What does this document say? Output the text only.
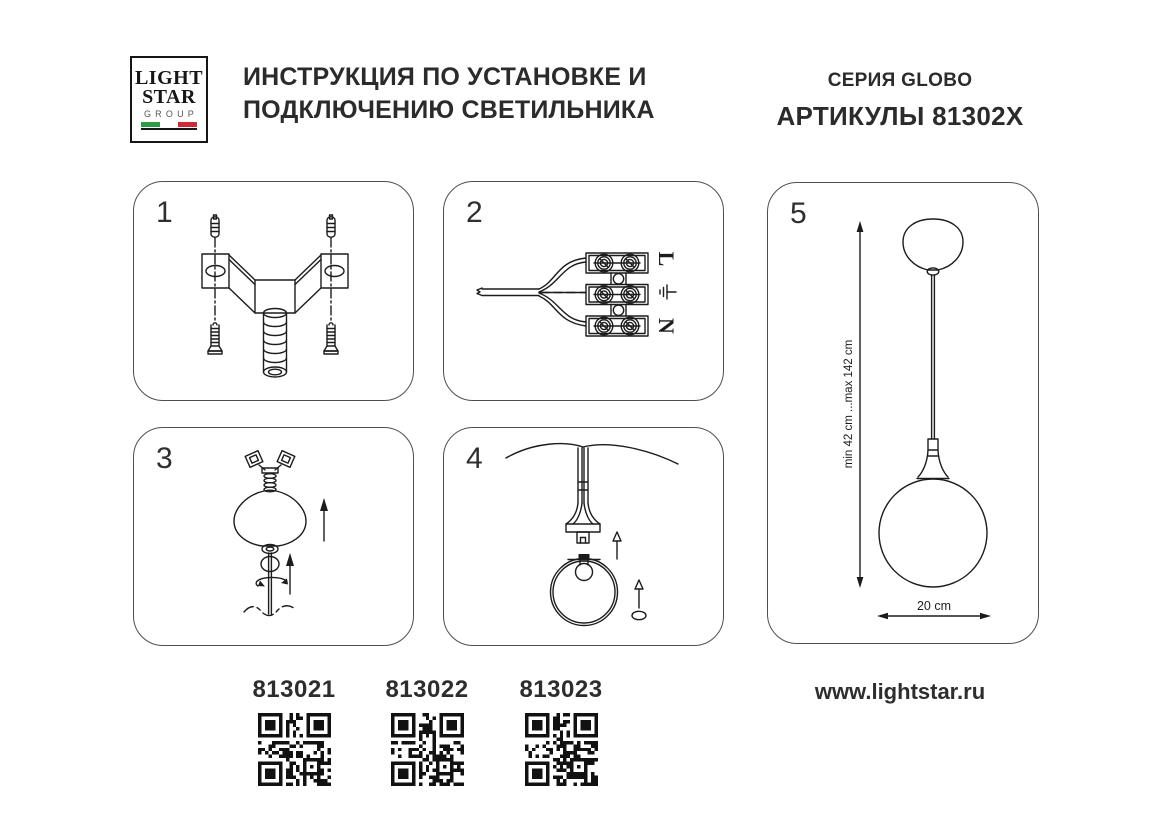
LIGHT
STAR
GROUP
ИНСТРУКЦИЯ ПО УСТАНОВКЕ И
ПОДКЛЮЧЕНИЮ СВЕТИЛЬНИКА
СЕРИЯ GLOBO
АРТИКУЛЫ 81302X
1	2
L
N
3	4
5
min 42 cm ...max 142 cm
20 cm
813021	813022	813023	www.lightstar.ru
